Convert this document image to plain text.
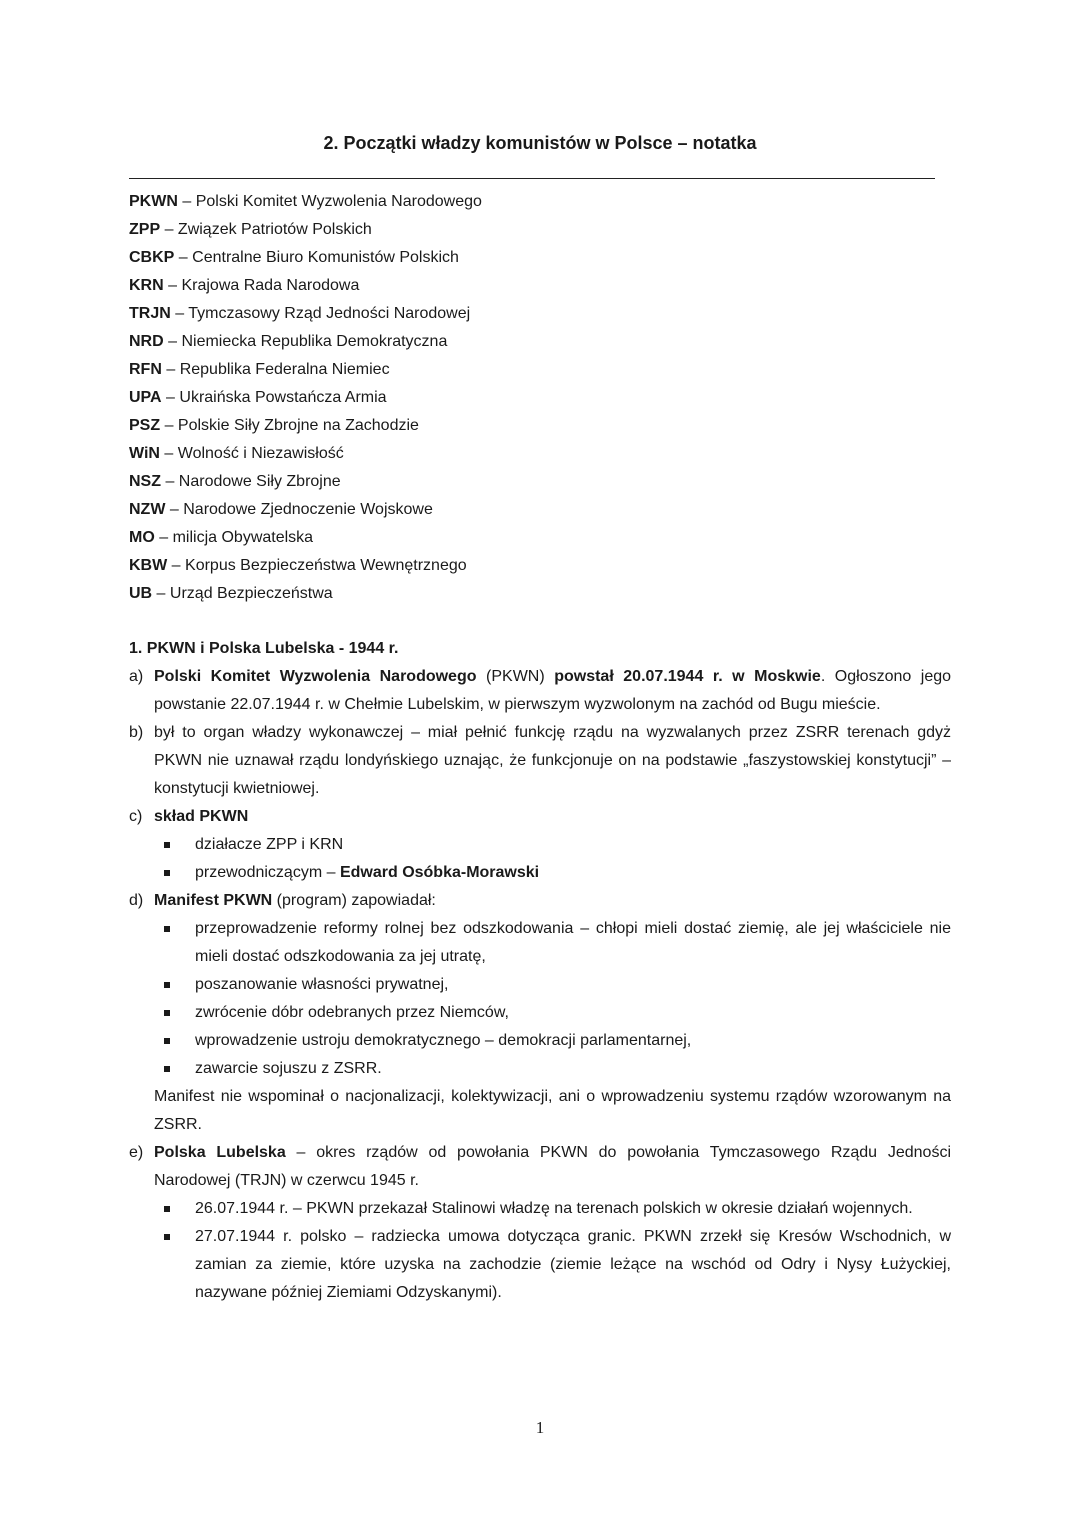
2. Początki władzy komunistów w Polsce – notatka
PKWN – Polski Komitet Wyzwolenia Narodowego
ZPP – Związek Patriotów Polskich
CBKP – Centralne Biuro Komunistów Polskich
KRN – Krajowa Rada Narodowa
TRJN – Tymczasowy Rząd Jedności Narodowej
NRD – Niemiecka Republika Demokratyczna
RFN – Republika Federalna Niemiec
UPA – Ukraińska Powstańcza Armia
PSZ – Polskie Siły Zbrojne na Zachodzie
WiN – Wolność i Niezawisłość
NSZ – Narodowe Siły Zbrojne
NZW – Narodowe Zjednoczenie Wojskowe
MO – milicja Obywatelska
KBW – Korpus Bezpieczeństwa Wewnętrznego
UB – Urząd Bezpieczeństwa
1. PKWN i Polska Lubelska - 1944 r.
a) Polski Komitet Wyzwolenia Narodowego (PKWN) powstał 20.07.1944 r. w Moskwie. Ogłoszono jego powstanie 22.07.1944 r. w Chełmie Lubelskim, w pierwszym wyzwolonym na zachód od Bugu mieście.
b) był to organ władzy wykonawczej – miał pełnić funkcję rządu na wyzwalanych przez ZSRR terenach gdyż PKWN nie uznawał rządu londyńskiego uznając, że funkcjonuje on na podstawie „faszystowskiej konstytucji” – konstytucji kwietniowej.
c) skład PKWN
działacze ZPP i KRN
przewodniczącym – Edward Osóbka-Morawski
d) Manifest PKWN (program) zapowiadał:
przeprowadzenie reformy rolnej bez odszkodowania – chłopi mieli dostać ziemię, ale jej właściciele nie mieli dostać odszkodowania za jej utratę,
poszanowanie własności prywatnej,
zwrócenie dóbr odebranych przez Niemców,
wprowadzenie ustroju demokratycznego – demokracji parlamentarnej,
zawarcie sojuszu z ZSRR.
Manifest nie wspominał o nacjonalizacji, kolektywizacji, ani o wprowadzeniu systemu rządów wzorowanym na ZSRR.
e) Polska Lubelska – okres rządów od powołania PKWN do powołania Tymczasowego Rządu Jedności Narodowej (TRJN) w czerwcu 1945 r.
26.07.1944 r. – PKWN przekazał Stalinowi władzę na terenach polskich w okresie działań wojennych.
27.07.1944 r. polsko – radziecka umowa dotycząca granic. PKWN zrzekł się Kresów Wschodnich, w zamian za ziemie, które uzyska na zachodzie (ziemie leżące na wschód od Odry i Nysy Łużyckiej, nazywane później Ziemiami Odzyskanymi).
1
